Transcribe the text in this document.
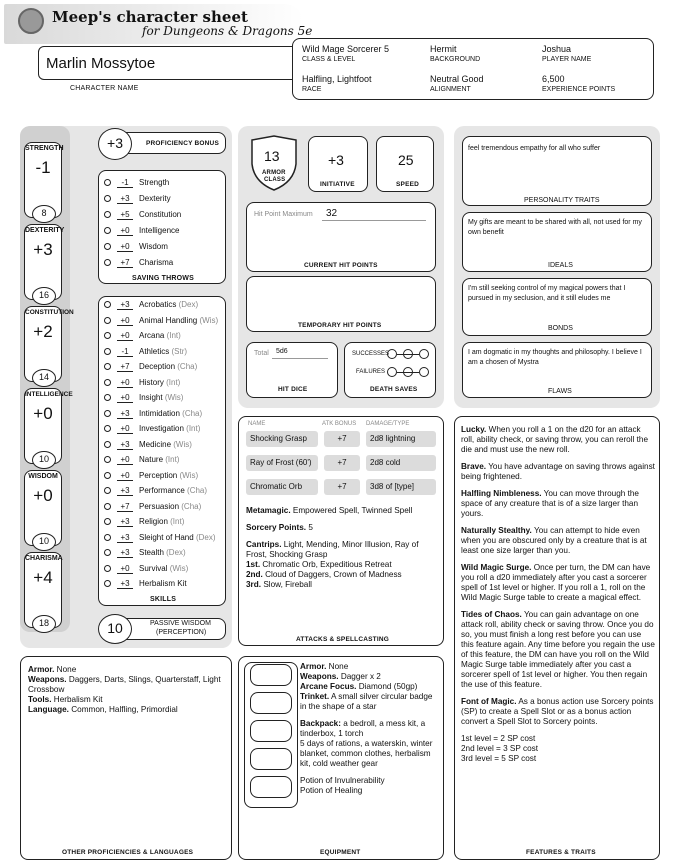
Meep's character sheet
for Dungeons & Dragons 5e
Marlin Mossytoe
CHARACTER NAME
Wild Mage Sorcerer 5
CLASS & LEVEL
Hermit
BACKGROUND
Joshua
PLAYER NAME
Halfling, Lightfoot
RACE
Neutral Good
ALIGNMENT
6,500
EXPERIENCE POINTS
STRENGTH
-1
8
DEXTERITY
+3
16
CONSTITUTION
+2
14
INTELLIGENCE
+0
10
WISDOM
+0
10
CHARISMA
+4
18
+3	PROFICIENCY BONUS
-1 Strength
+3 Dexterity
+5 Constitution
+0 Intelligence
+0 Wisdom
+7 Charisma
SAVING THROWS
+3 Acrobatics (Dex)
+0 Animal Handling (Wis)
+0 Arcana (Int)
-1 Athletics (Str)
+7 Deception (Cha)
+0 History (Int)
+0 Insight (Wis)
+3 Intimidation (Cha)
+0 Investigation (Int)
+3 Medicine (Wis)
+0 Nature (Int)
+0 Perception (Wis)
+3 Performance (Cha)
+7 Persuasion (Cha)
+3 Religion (Int)
+3 Sleight of Hand (Dex)
+3 Stealth (Dex)
+0 Survival (Wis)
+3 Herbalism Kit
SKILLS
10	PASSIVE WISDOM
(PERCEPTION)
13
ARMOR
CLASS
+3
INITIATIVE
25
SPEED
Hit Point Maximum 32
CURRENT HIT POINTS
TEMPORARY HIT POINTS
Total 5d6
HIT DICE
SUCCESSES
FAILURES
DEATH SAVES
NAME	ATK BONUS DAMAGE/TYPE
Shocking Grasp	+7	2d8 lightning
Ray of Frost (60')	+7	2d8 cold
Chromatic Orb	+7	3d8 of [type]

Metamagic. Empowered Spell, Twinned Spell

Sorcery Points. 5

Cantrips. Light, Mending, Minor Illusion, Ray of Frost, Shocking Grasp
1st. Chromatic Orb, Expeditious Retreat
2nd. Cloud of Daggers, Crown of Madness
3rd. Slow, Fireball
ATTACKS & SPELLCASTING
feel tremendous empathy for all who suffer
PERSONALITY TRAITS
My gifts are meant to be shared with all, not used for my own benefit
IDEALS
I'm still seeking control of my magical powers that I pursued in my seclusion, and it still eludes me
BONDS
I am dogmatic in my thoughts and philosophy. I believe I am a chosen of Mystra
FLAWS

Lucky. When you roll a 1 on the d20 for an attack roll, ability check, or saving throw, you can reroll the die and must use the new roll.

Brave. You have advantage on saving throws against being frightened.

Halfling Nimbleness. You can move through the space of any creature that is of a size larger than yours.

Naturally Stealthy. You can attempt to hide even when you are obscured only by a creature that is at least one size larger than you.

Wild Magic Surge. Once per turn, the DM can have you roll a d20 immediately after you cast a sorcerer spell of 1st level or higher. If you roll a 1, roll on the Wild Magic Surge table to create a magical effect.

Tides of Chaos. You can gain advantage on one attack roll, ability check or saving throw. Once you do so, you must finish a long rest before you can use this feature again. Any time before you regain the use of this feature, the DM can have you roll on the Wild Magic Surge table immediately after you cast a sorcerer spell of 1st level or higher. You then regain the use of this feature.

Font of Magic. As a bonus action use Sorcery points (SP) to create a Spell Slot or as a bonus action convert a Spell Slot to Sorcery points.

1st level = 2 SP cost
2nd level = 3 SP cost
3rd level = 5 SP cost
FEATURES & TRAITS
Armor. None
Weapons. Daggers, Darts, Slings, Quarterstaff, Light Crossbow
Tools. Herbalism Kit
Language. Common, Halfling, Primordial
OTHER PROFICIENCIES & LANGUAGES
Armor. None
Weapons. Dagger x 2
Arcane Focus. Diamond (50gp)

Trinket. A small silver circular badge in the shape of a star

Backpack: a bedroll, a mess kit, a tinderbox, 1 torch

5 days of rations, a waterskin, winter blanket, common clothes, herbalism kit, cold weather gear

Potion of Invulnerability
Potion of Healing
EQUIPMENT
